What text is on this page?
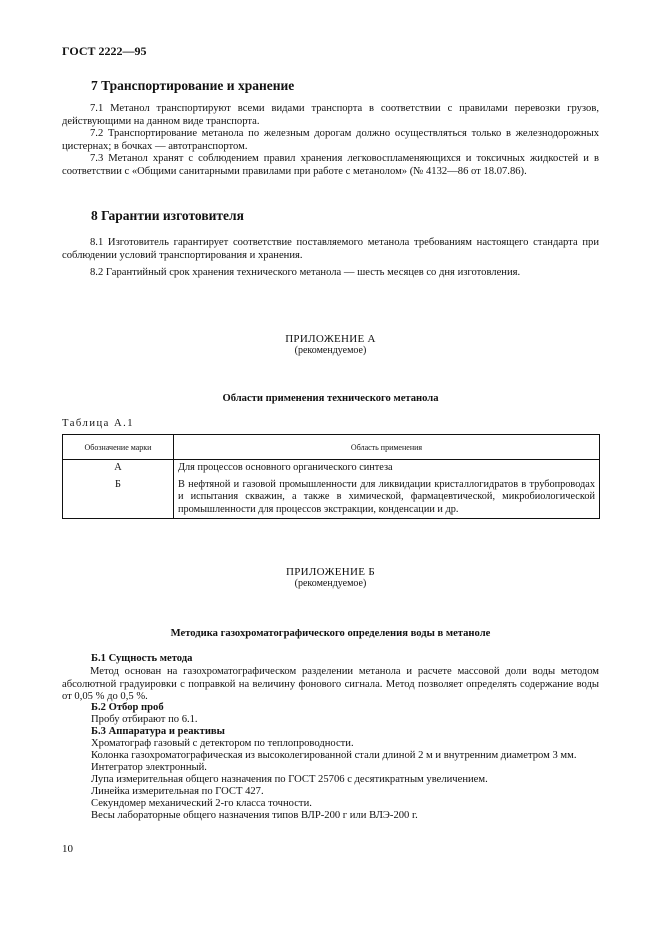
ГОСТ 2222—95
7 Транспортирование и хранение
7.1 Метанол транспортируют всеми видами транспорта в соответствии с правилами перевозки грузов, действующими на данном виде транспорта.
7.2 Транспортирование метанола по железным дорогам должно осуществляться только в железнодорожных цистернах; в бочках — автотранспортом.
7.3 Метанол хранят с соблюдением правил хранения легковоспламеняющихся и токсичных жидкостей и в соответствии с «Общими санитарными правилами при работе с метанолом» (№ 4132—86 от 18.07.86).
8 Гарантии изготовителя
8.1 Изготовитель гарантирует соответствие поставляемого метанола требованиям настоящего стандарта при соблюдении условий транспортирования и хранения.
8.2 Гарантийный срок хранения технического метанола — шесть месяцев со дня изготовления.
ПРИЛОЖЕНИЕ А
(рекомендуемое)
Области применения технического метанола
Таблица А.1
Обозначение марки	Область применения
А	Для процессов основного органического синтеза
Б	В нефтяной и газовой промышленности для ликвидации кристаллогидратов в трубопроводах и испытания скважин, а также в химической, фармацевтической, микробиологической промышленности для процессов экстракции, конденсации и др.
ПРИЛОЖЕНИЕ Б
(рекомендуемое)
Методика газохроматографического определения воды в метаноле
Б.1 Сущность метода
Метод основан на газохроматографическом разделении метанола и расчете массовой доли воды методом абсолютной градуировки с поправкой на величину фонового сигнала. Метод позволяет определять содержание воды от 0,05 % до 0,5 %.
Б.2 Отбор проб
Пробу отбирают по 6.1.
Б.3 Аппаратура и реактивы
Хроматограф газовый с детектором по теплопроводности.
Колонка газохроматографическая из высоколегированной стали длиной 2 м и внутренним диаметром 3 мм.
Интегратор электронный.
Лупа измерительная общего назначения по ГОСТ 25706 с десятикратным увеличением.
Линейка измерительная по ГОСТ 427.
Секундомер механический 2-го класса точности.
Весы лабораторные общего назначения типов ВЛР-200 г или ВЛЭ-200 г.
10
